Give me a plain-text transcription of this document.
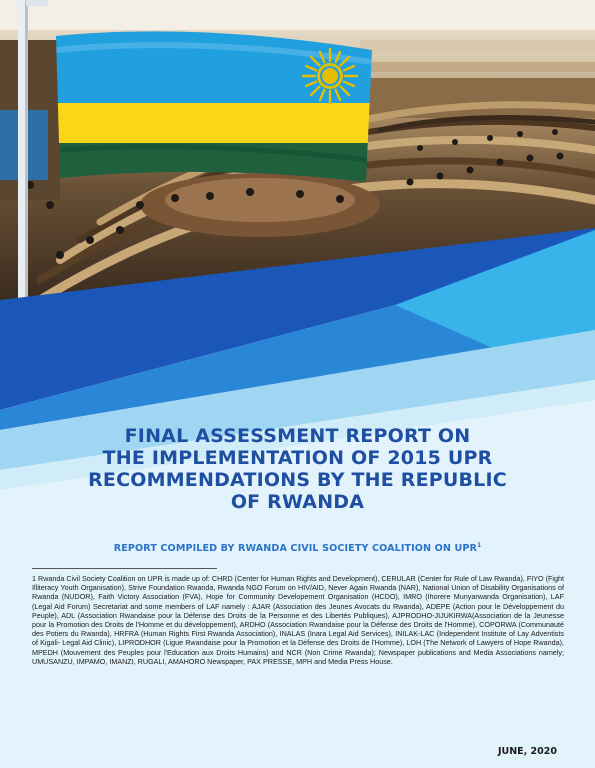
FINAL ASSESSMENT REPORT ON
THE IMPLEMENTATION OF 2015 UPR
RECOMMENDATIONS BY THE REPUBLIC
OF RWANDA
REPORT COMPILED BY RWANDA CIVIL SOCIETY COALITION ON UPR$^1$

1 Rwanda Civil Society Coalition on UPR is made up of: CHRD (Center for Human Rights and Development), CERULAR (Center for Rule of Law Rwanda), FIYO (Fight Illiteracy Youth Organisation), Strive Foundation Rwanda, Rwanda NGO Forum on HIV/AID, Never Again Rwanda (NAR), National Union of Disability Organisations of Rwanda (NUDOR), Faith Victory Association (FVA), Hope for Community Developement Organisation (HCDO), IMRO (Ihorere Munyarwanda Organisation), LAF (Legal Aid Forum) Secretariat and some members of LAF namely : AJAR (Association des Jeunes Avocats du Rwanda), ADEPE (Action pour le Développement du Peuple), ADL (Association Rwandaise pour la Défense des Droits de la Personne et des Libertés Publiques), AJPRODHO-JIJUKIRWA(Association de la Jeunesse pour la Promotion des Droits de l'Homme et du développement), ARDHO (Association Rwandaise pour la Défense des Droits de l'Homme), COPORWA (Communauté des Potiers du Rwanda), HRFRA (Human Rights First Rwanda Association), INALAS (Inara Legal Aid Services), INILAK-LAC (Independent Institute of Lay Adventists of Kigali- Legal Aid Clinic), LIPRODHOR (Ligue Rwandaise pour la Promotion et la Défense des Droits de l'Homme), LOH (The Network of Lawyers of Hope Rwanda), MPEDH (Mouvement des Peuples pour l'Education aux Droits Humains) and NCR (Non Crime Rwanda); Newspaper publications and Media Associations namely; UMUSANZU, IMPAMO, IMANZI, RUGALI, AMAHORO Newspaper, PAX PRESSE, MPH and Media Press House.

JUNE, 2020
